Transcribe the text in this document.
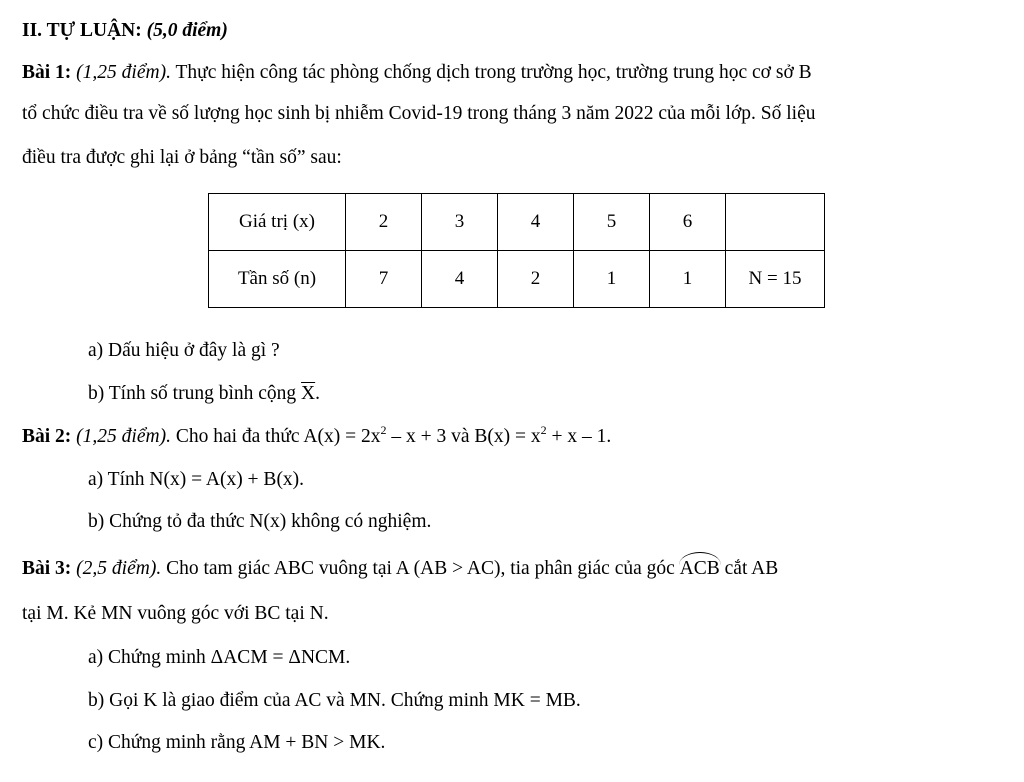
II. TỰ LUẬN: (5,0 điểm)
Bài 1: (1,25 điểm). Thực hiện công tác phòng chống dịch trong trường học, trường trung học cơ sở B
tổ chức điều tra về số lượng học sinh bị nhiễm Covid-19 trong tháng 3 năm 2022 của mỗi lớp. Số liệu
điều tra được ghi lại ở bảng “tần số” sau:
Giá trị (x)	2	3	4	5	6	
Tần số (n)	7	4	2	1	1	N = 15
a) Dấu hiệu ở đây là gì ?
b) Tính số trung bình cộng $\overline{X}$.
Bài 2: (1,25 điểm). Cho hai đa thức $A(x) = 2x^2 - x + 3$ và $B(x) = x^2 + x - 1$.
a) Tính N(x) = A(x) + B(x).
b) Chứng tỏ đa thức N(x) không có nghiệm.
Bài 3: (2,5 điểm). Cho tam giác ABC vuông tại A (AB > AC), tia phân giác của góc ACB cắt AB
tại M. Kẻ MN vuông góc với BC tại N.
a) Chứng minh ΔACM = ΔNCM.
b) Gọi K là giao điểm của AC và MN. Chứng minh MK = MB.
c) Chứng minh rằng AM + BN > MK.
